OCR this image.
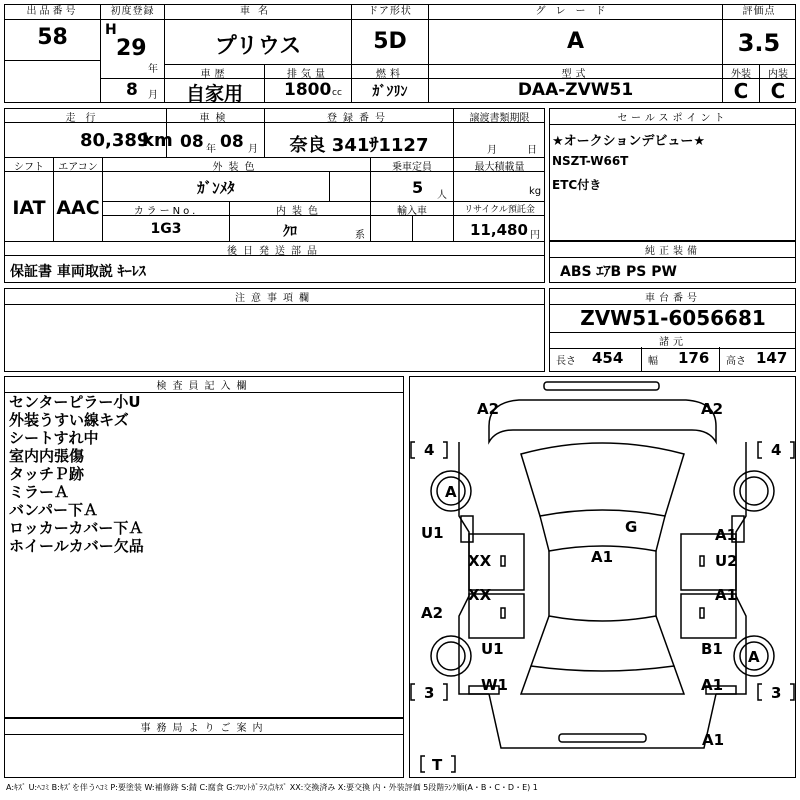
出品番号
58
初度登録
H
29
年
8 月
車名
プリウス
ドア形状
5D
グレード
A
評価点
3.5
車歴
自家用
排気量
1800 cc
燃料
ｶﾞｿﾘﾝ
型式
DAA-ZVW51
外装
C
内装
C
走行
80,389
km
車検
08 年 08 月
登録番号
奈良 341ｻ1127
譲渡書類期限
月	日
シフト
IAT
エアコン
AAC
外装色
ｶﾞﾝﾒﾀ
乗車定員
5 人
最大積載量
kg
カラーNo.
1G3
内装色
ｸﾛ	系
輸入車	リサイクル預託金
11,480 円
後日発送部品
保証書 車両取説 ｷｰﾚｽ
セールスポイント
★オークションデビュー★
NSZT-W66T
ETC付き
純正装備
ABS ｴｱB PS PW
注意事項欄	車台番号
ZVW51-6056681
諸元
長さ 454 幅 176 高さ 147
検査員記入欄
センターピラー小U
外装うすい線キズ
シートすれ中
室内内張傷
タッチＰ跡
ミラーＡ
バンパー下Ａ
ロッカーカバー下Ａ
ホイールカバー欠品
事務局よりご案内
A2	A2
4	4
A
G
A1
U1
XX
XX
A2
A1
U2
A1
U1
W1
B1 A
A1
3	3
A1
T
A:ｷｽﾞ U:ﾍｺﾐ B:ｷｽﾞを伴うﾍｺﾐ P:要塗装 W:補修跡 S:錆 C:腐食 G:ﾌﾛﾝﾄｶﾞﾗｽ点ｷｽﾞ XX:交換済み X:要交換 内・外装評価 5段階ﾗﾝｸ順(A・B・C・D・E) 1
